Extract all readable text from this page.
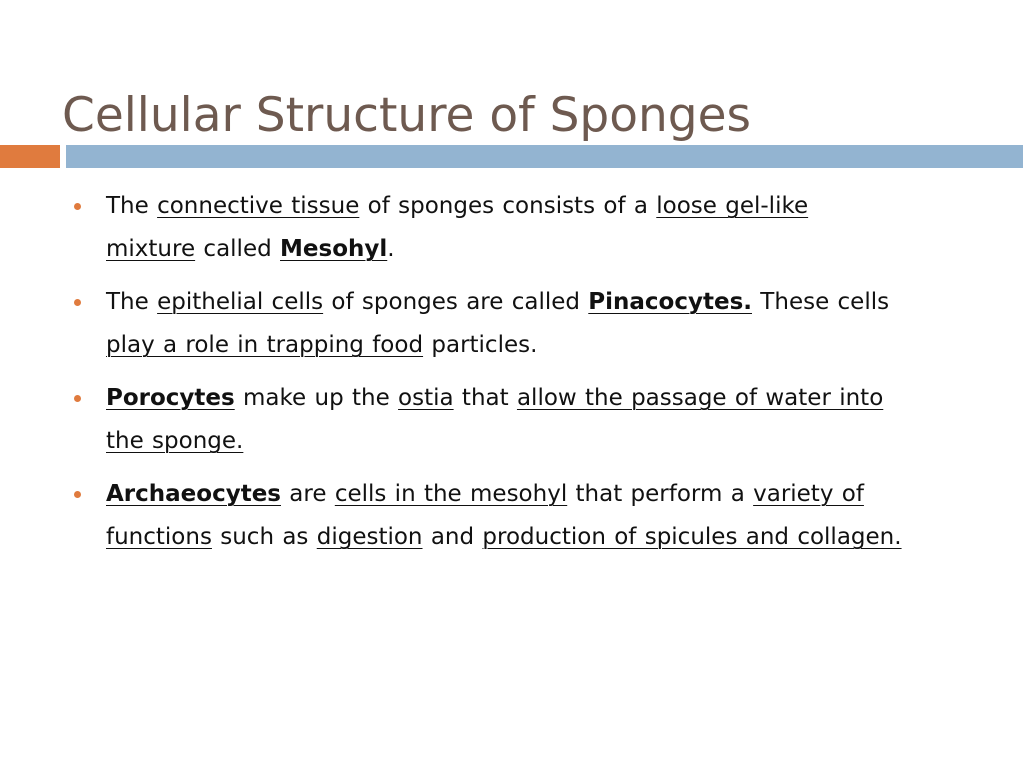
Cellular Structure of Sponges
The connective tissue of sponges consists of a loose gel-like mixture called Mesohyl.
The epithelial cells of sponges are called Pinacocytes. These cells play a role in trapping food particles.
Porocytes make up the ostia that allow the passage of water into the sponge.
Archaeocytes are cells in the mesohyl that perform a variety of functions such as digestion and production of spicules and collagen.
